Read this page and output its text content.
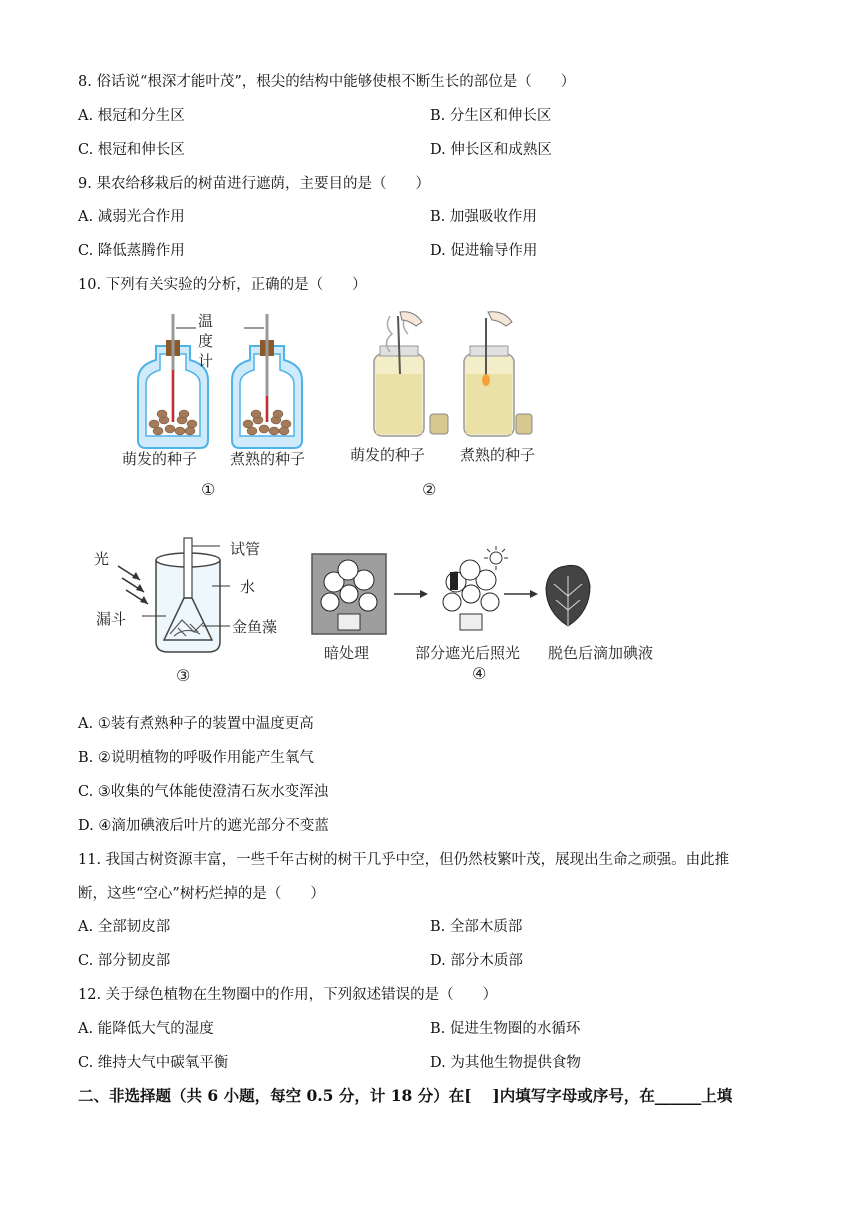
8. 俗话说“根深才能叶茂”，根尖的结构中能够使根不断生长的部位是（　　）
A. 根冠和分生区	B. 分生区和伸长区
C. 根冠和伸长区	D. 伸长区和成熟区
9. 果农给移栽后的树苗进行遮荫，主要目的是（　　）
A. 减弱光合作用	B. 加强吸收作用
C. 降低蒸腾作用	D. 促进输导作用
10. 下列有关实验的分析，正确的是（　　）
温
度
计
萌发的种子 煮熟的种子
①
萌发的种子 煮熟的种子
②
光
试管
水
漏斗	金鱼藻
③
暗处理	部分遮光后照光 脱色后滴加碘液
④
A. ①装有煮熟种子的装置中温度更高
B. ②说明植物的呼吸作用能产生氧气
C. ③收集的气体能使澄清石灰水变浑浊
D. ④滴加碘液后叶片的遮光部分不变蓝
11. 我国古树资源丰富，一些千年古树的树干几乎中空，但仍然枝繁叶茂，展现出生命之顽强。由此推
断，这些“空心”树朽烂掉的是（　　）
A. 全部韧皮部	B. 全部木质部
C. 部分韧皮部	D. 部分木质部
12. 关于绿色植物在生物圈中的作用，下列叙述错误的是（　　）
A. 能降低大气的湿度	B. 促进生物圈的水循环
C. 维持大气中碳氧平衡	D. 为其他生物提供食物
二、非选择题（共 6 小题，每空 0.5 分，计 18 分）在[　 ]内填写字母或序号，在______上填
